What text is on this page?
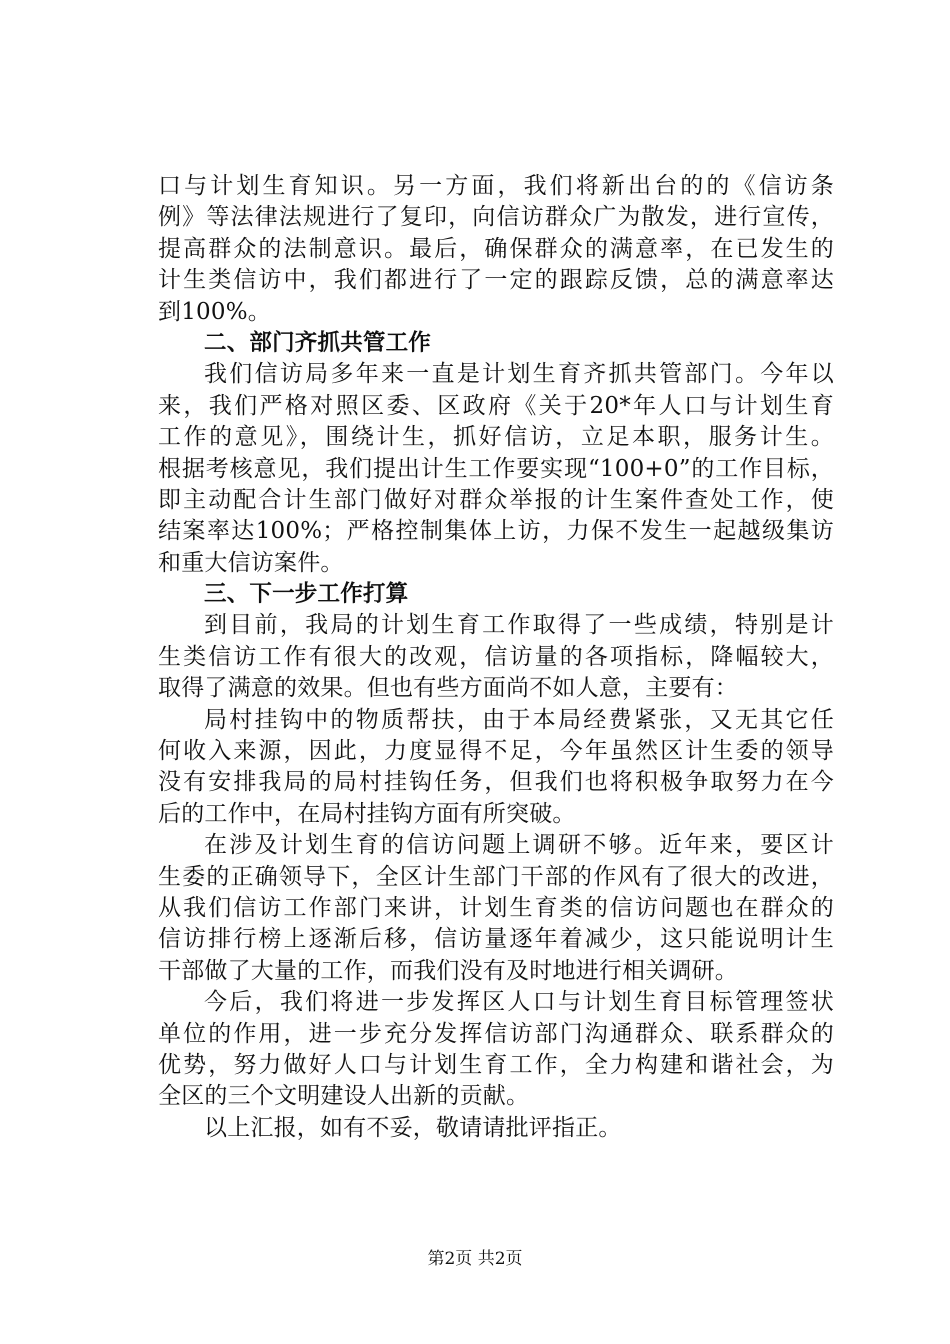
口与计划生育知识。另一方面，我们将新出台的的《信访条
例》等法律法规进行了复印，向信访群众广为散发，进行宣传，
提高群众的法制意识。最后，确保群众的满意率，在已发生的
计生类信访中，我们都进行了一定的跟踪反馈，总的满意率达
到100%。
二、部门齐抓共管工作
我们信访局多年来一直是计划生育齐抓共管部门。今年以
来，我们严格对照区委、区政府《关于20*年人口与计划生育
工作的意见》，围绕计生，抓好信访，立足本职，服务计生。
根据考核意见，我们提出计生工作要实现“100+0”的工作目标，
即主动配合计生部门做好对群众举报的计生案件查处工作，使
结案率达100%；严格控制集体上访，力保不发生一起越级集访
和重大信访案件。
三、下一步工作打算
到目前，我局的计划生育工作取得了一些成绩，特别是计
生类信访工作有很大的改观，信访量的各项指标，降幅较大，
取得了满意的效果。但也有些方面尚不如人意，主要有：
局村挂钩中的物质帮扶，由于本局经费紧张，又无其它任
何收入来源，因此，力度显得不足，今年虽然区计生委的领导
没有安排我局的局村挂钩任务，但我们也将积极争取努力在今
后的工作中，在局村挂钩方面有所突破。
在涉及计划生育的信访问题上调研不够。近年来，要区计
生委的正确领导下，全区计生部门干部的作风有了很大的改进，
从我们信访工作部门来讲，计划生育类的信访问题也在群众的
信访排行榜上逐渐后移，信访量逐年着减少，这只能说明计生
干部做了大量的工作，而我们没有及时地进行相关调研。
今后，我们将进一步发挥区人口与计划生育目标管理签状
单位的作用，进一步充分发挥信访部门沟通群众、联系群众的
优势，努力做好人口与计划生育工作，全力构建和谐社会，为
全区的三个文明建设人出新的贡献。
以上汇报，如有不妥，敬请请批评指正。
第2页 共2页
